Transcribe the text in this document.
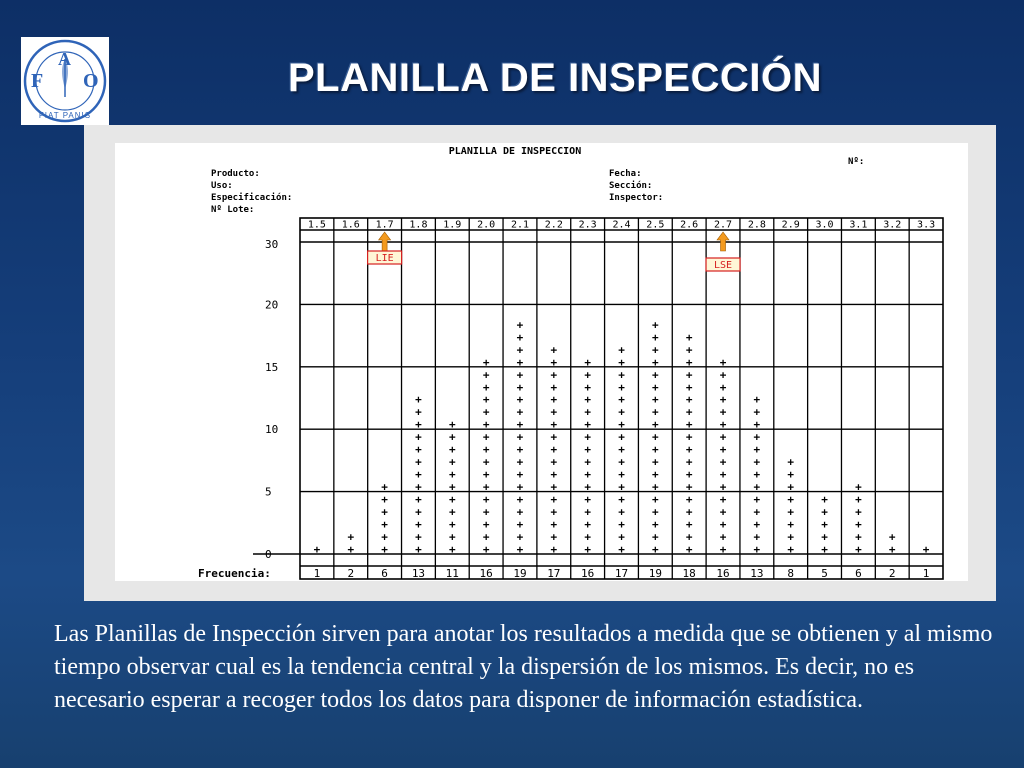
F
A
O
FIAT PANIS
PLANILLA DE INSPECCIÓN
PLANILLA DE INSPECCION
Nº:
Producto:
Uso:
Especificación:
Nº Lote:
Fecha:
Sección:
Inspector:
1.5 1.6 1.7 1.8 1.9 2.0 2.1 2.2 2.3 2.4 2.5 2.6 2.7 2.8 2.9 3.0 3.1 3.2 3.3
Frecuencia:	1 2 6 13 11 16 19 17 16 17 19 18 16 13 8 5 6 2 1
0
5
10
15
20
30
+ +
+
+
+
+
+
+
+
+
+
+
+
+
+
+
+
+
+
+
+
+
+
+
+
+
+
+
+
+
+
+
+
+
+
+
+
+
+
+
+
+
+
+
+
+
+
+
+
+
+
+
+
+
+
+
+
+
+
+
+
+
+
+
+
+
+
+
+
+
+
+
+
+
+
+
+
+
+
+
+
+
+
+
+
+
+
+
+
+
+
+
+
+
+
+
+
+
+
+
+
+
+
+
+
+
+
+
+
+
+
+
+
+
+
+
+
+
+
+
+
+
+
+
+
+
+
+
+
+
+
+
+
+
+
+
+
+
+
+
+
+
+
+
+
+
+
+
+
+
+
+
+
+
+
+
+
+
+
+
+
+
+
+
+
+
+
+
+
+
+
+
+
+
+
+
+
+
+
+
+
+
+
+
+
+
+
+
+
+
+
+
+
+
+
+
+
+
+
+
+
+
+
+
+
+
LIE
LSE
Las Planillas de Inspección sirven para anotar los resultados a medida que se obtienen y al mismo tiempo observar cual es la tendencia central y la dispersión de los mismos. Es decir, no es necesario esperar a recoger todos los datos para disponer de información estadística.
